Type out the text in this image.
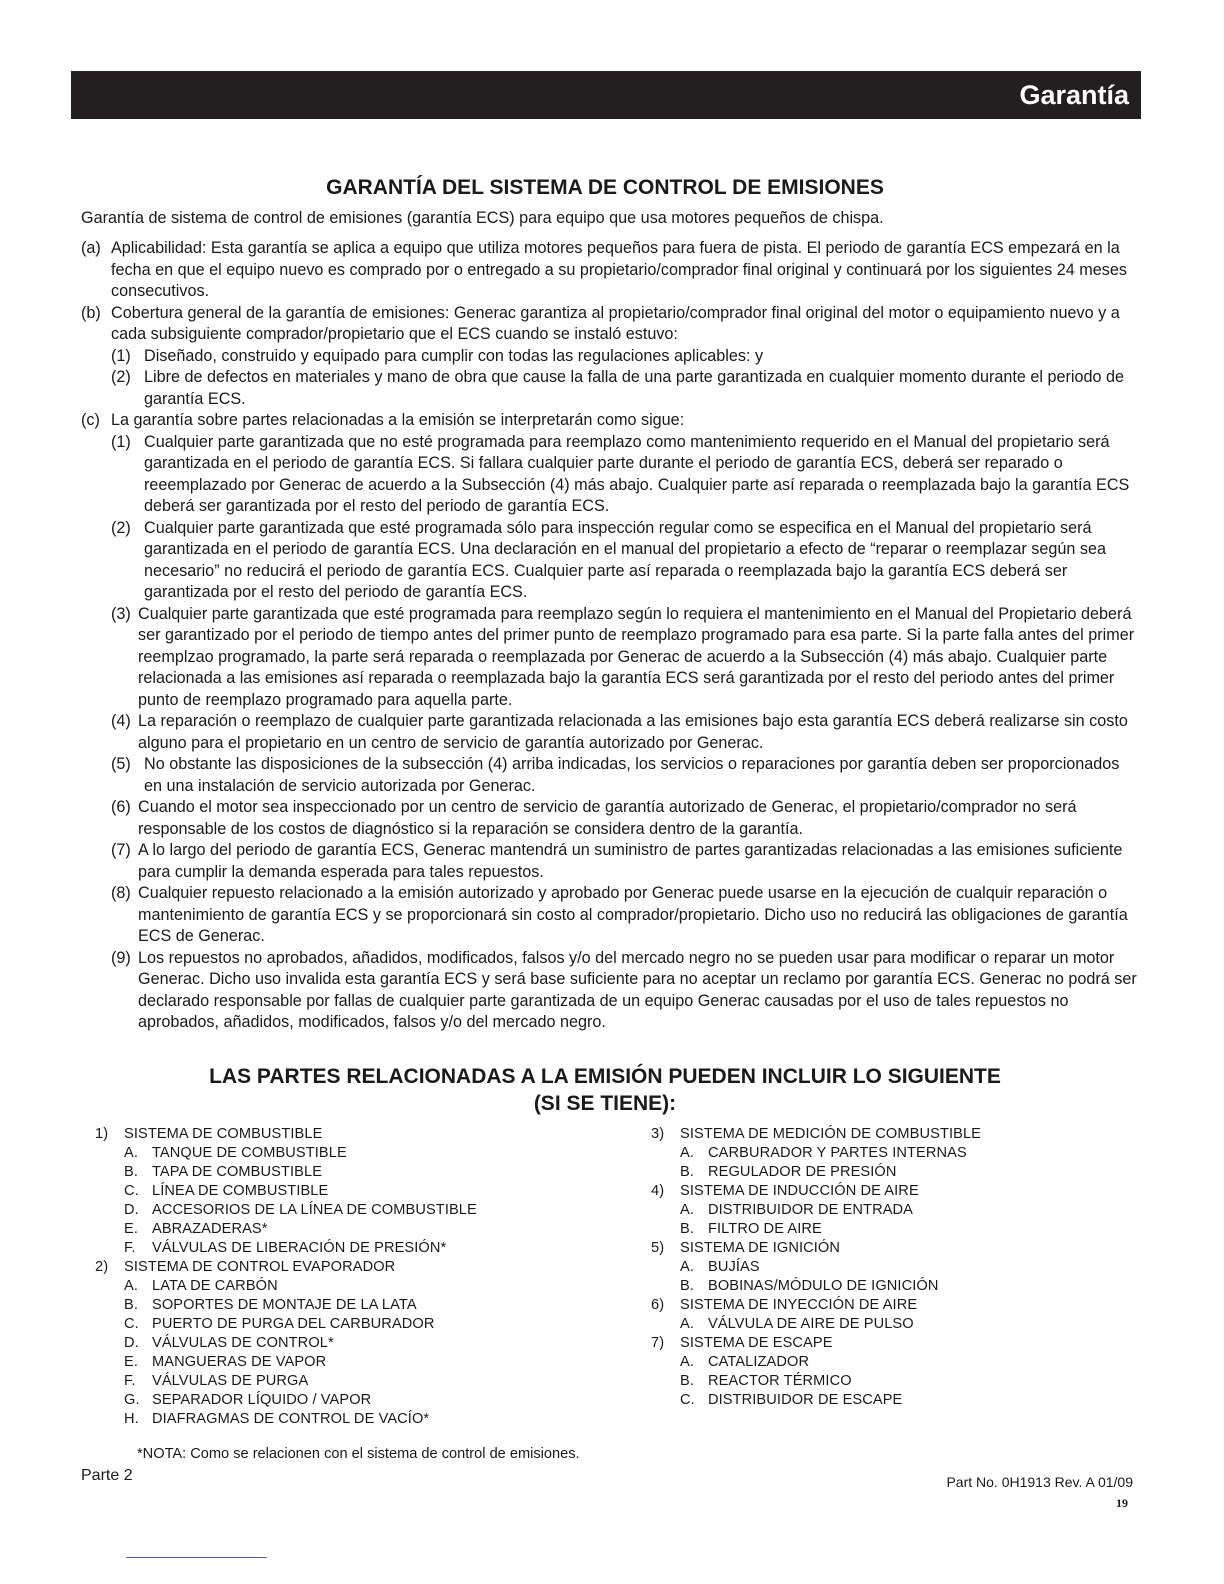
Garantía
GARANTÍA DEL SISTEMA DE CONTROL DE EMISIONES
Garantía de sistema de control de emisiones (garantía ECS) para equipo que usa motores pequeños de chispa.
(a) Aplicabilidad: Esta garantía se aplica a equipo que utiliza motores pequeños para fuera de pista. El periodo de garantía ECS empezará en la fecha en que el equipo nuevo es comprado por o entregado a su propietario/comprador final original y continuará por los siguientes 24 meses consecutivos.
(b) Cobertura general de la garantía de emisiones: Generac garantiza al propietario/comprador final original del motor o equipamiento nuevo y a cada subsiguiente comprador/propietario que el ECS cuando se instaló estuvo:
(1) Diseñado, construido y equipado para cumplir con todas las regulaciones aplicables: y
(2) Libre de defectos en materiales y mano de obra que cause la falla de una parte garantizada en cualquier momento durante el periodo de garantía ECS.
(c) La garantía sobre partes relacionadas a la emisión se interpretarán como sigue:
(1) Cualquier parte garantizada que no esté programada para reemplazo como mantenimiento requerido en el Manual del propietario será garantizada en el periodo de garantía ECS. Si fallara cualquier parte durante el periodo de garantía ECS, deberá ser reparado o reeemplazado por Generac de acuerdo a la Subsección (4) más abajo. Cualquier parte así reparada o reemplazada bajo la garantía ECS deberá ser garantizada por el resto del periodo de garantía ECS.
(2) Cualquier parte garantizada que esté programada sólo para inspección regular como se especifica en el Manual del propietario será garantizada en el periodo de garantía ECS. Una declaración en el manual del propietario a efecto de “reparar o reemplazar según sea necesario” no reducirá el periodo de garantía ECS. Cualquier parte así reparada o reemplazada bajo la garantía ECS deberá ser garantizada por el resto del periodo de garantía ECS.
(3) Cualquier parte garantizada que esté programada para reemplazo según lo requiera el mantenimiento en el Manual del Propietario deberá ser garantizado por el periodo de tiempo antes del primer punto de reemplazo programado para esa parte. Si la parte falla antes del primer reemplzao programado, la parte será reparada o reemplazada por Generac de acuerdo a la Subsección (4) más abajo. Cualquier parte relacionada a las emisiones así reparada o reemplazada bajo la garantía ECS será garantizada por el resto del periodo antes del primer punto de reemplazo programado para aquella parte.
(4) La reparación o reemplazo de cualquier parte garantizada relacionada a las emisiones bajo esta garantía ECS deberá realizarse sin costo alguno para el propietario en un centro de servicio de garantía autorizado por Generac.
(5) No obstante las disposiciones de la subsección (4) arriba indicadas, los servicios o reparaciones por garantía deben ser proporcionados en una instalación de servicio autorizada por Generac.
(6) Cuando el motor sea inspeccionado por un centro de servicio de garantía autorizado de Generac, el propietario/comprador no será responsable de los costos de diagnóstico si la reparación se considera dentro de la garantía.
(7) A lo largo del periodo de garantía ECS, Generac mantendrá un suministro de partes garantizadas relacionadas a las emisiones suficiente para cumplir la demanda esperada para tales repuestos.
(8) Cualquier repuesto relacionado a la emisión autorizado y aprobado por Generac puede usarse en la ejecución de cualquir reparación o mantenimiento de garantía ECS y se proporcionará sin costo al comprador/propietario. Dicho uso no reducirá las obligaciones de garantía ECS de Generac.
(9) Los repuestos no aprobados, añadidos, modificados, falsos y/o del mercado negro no se pueden usar para modificar o reparar un motor Generac. Dicho uso invalida esta garantía ECS y será base suficiente para no aceptar un reclamo por garantía ECS. Generac no podrá ser declarado responsable por fallas de cualquier parte garantizada de un equipo Generac causadas por el uso de tales repuestos no aprobados, añadidos, modificados, falsos y/o del mercado negro.
LAS PARTES RELACIONADAS A LA EMISIÓN PUEDEN INCLUIR LO SIGUIENTE
(SI SE TIENE):
1) SISTEMA DE COMBUSTIBLE
A. TANQUE DE COMBUSTIBLE
B. TAPA DE COMBUSTIBLE
C. LÍNEA DE COMBUSTIBLE
D. ACCESORIOS DE LA LÍNEA DE COMBUSTIBLE
E. ABRAZADERAS*
F. VÁLVULAS DE LIBERACIÓN DE PRESIÓN*
2) SISTEMA DE CONTROL EVAPORADOR
A. LATA DE CARBÓN
B. SOPORTES DE MONTAJE DE LA LATA
C. PUERTO DE PURGA DEL CARBURADOR
D. VÁLVULAS DE CONTROL*
E. MANGUERAS DE VAPOR
F. VÁLVULAS DE PURGA
G. SEPARADOR LÍQUIDO / VAPOR
H. DIAFRAGMAS DE CONTROL DE VACÍO*
3) SISTEMA DE MEDICIÓN DE COMBUSTIBLE
A. CARBURADOR Y PARTES INTERNAS
B. REGULADOR DE PRESIÓN
4) SISTEMA DE INDUCCIÓN DE AIRE
A. DISTRIBUIDOR DE ENTRADA
B. FILTRO DE AIRE
5) SISTEMA DE IGNICIÓN
A. BUJÍAS
B. BOBINAS/MÓDULO DE IGNICIÓN
6) SISTEMA DE INYECCIÓN DE AIRE
A. VÁLVULA DE AIRE DE PULSO
7) SISTEMA DE ESCAPE
A. CATALIZADOR
B. REACTOR TÉRMICO
C. DISTRIBUIDOR DE ESCAPE
*NOTA: Como se relacionen con el sistema de control de emisiones.
Parte 2	Part No. 0H1913 Rev. A 01/09
19
